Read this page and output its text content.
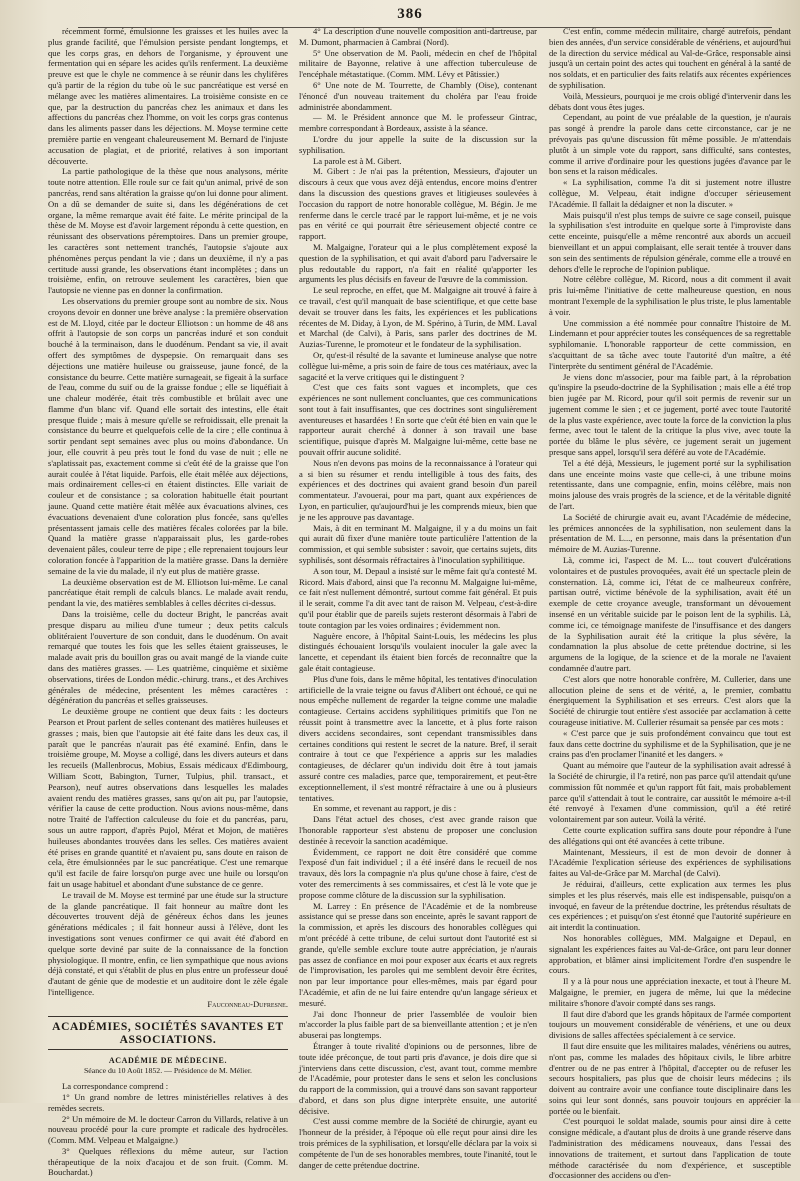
386

récemment formé, émulsionne les graisses et les huiles avec la plus grande facilité, que l'émulsion persiste pendant longtemps, et que les corps gras, en dehors de l'organisme, y éprouvent une fermentation qui en sépare les acides qu'ils renferment. La deuxième preuve est que le chyle ne commence à se réunir dans les chylifères qu'à partir de la région du tube où le suc pancréatique est versé en mélange avec les matières alimentaires. La troisième consiste en ce que, par la destruction du pancréas chez les animaux et dans les affections du pancréas chez l'homme, on voit les corps gras contenus dans les aliments passer dans les déjections. M. Moyse termine cette première partie en vengeant chaleureusement M. Bernard de l'injuste accusation de plagiat, et de priorité, relatives à son important découverte.

La partie pathologique de la thèse que nous analysons, mérite toute notre attention. Elle roule sur ce fait qu'un animal, privé de son pancréas, rend sans altération la graisse qu'on lui donne pour aliment. On a dû se demander de suite si, dans les dégénérations de cet organe, la même remarque avait été faite. Le mérite principal de la thèse de M. Moyse est d'avoir largement répondu à cette question, en réunissant des observations péremptoires. Dans un premier groupe, les caractères sont nettement tranchés, l'autopsie s'ajoute aux phénomènes perçus pendant la vie ; dans un deuxième, il n'y a pas certitude aussi grande, les observations étant incomplètes ; dans un troisième, enfin, on retrouve seulement les caractères, bien que l'autopsie ne vienne pas en donner la confirmation.

Les observations du premier groupe sont au nombre de six. Nous croyons devoir en donner une brève analyse : la première observation est de M. Lloyd, citée par le docteur Elliotson : un homme de 48 ans offrit à l'autopsie de son corps un pancréas induré et son conduit bouché à la terminaison, dans le duodénum. Pendant sa vie, il avait offert des symptômes de dyspepsie. On remarquait dans ses déjections une matière huileuse ou graisseuse, jaune foncé, de la consistance du beurre. Cette matière surnageait, se figeait à la surface de l'eau, comme du suif ou de la graisse fondue ; elle se liquéfiait à une chaleur modérée, était très combustible et brûlait avec une flamme d'un blanc vif. Quand elle sortait des intestins, elle était presque fluide ; mais à mesure qu'elle se refroidissait, elle prenait la consistance du beurre et quelquefois celle de la cire ; elle continua à sortir pendant sept semaines avec plus ou moins d'abondance. Un jour, elle couvrit à peu près tout le fond du vase de nuit ; elle ne s'aplatissait pas, exactement comme si c'eût été de la graisse que l'on aurait coulée à l'état liquide. Parfois, elle était mêlée aux déjections, mais ordinairement celles-ci en étaient distinctes. Elle variait de couleur et de consistance ; sa coloration habituelle était pourtant jaune. Quand cette matière était mêlée aux évacuations alvines, ces évacuations devenaient d'une coloration plus foncée, sans qu'elles présentassent jamais celle des matières fécales colorées par la bile. Quand la matière grasse n'apparaissait plus, les garde-robes devenaient pâles, couleur terre de pipe ; elle reprenaient toujours leur coloration foncée à l'apparition de la matière grasse. Dans la dernière semaine de la vie du malade, il n'y eut plus de matière grasse.

La deuxième observation est de M. Elliotson lui-même. Le canal pancréatique était rempli de calculs blancs. Le malade avait rendu, pendant la vie, des matières semblables à celles décrites ci-dessus.

Dans la troisième, celle du docteur Bright, le pancréas avait presque disparu au milieu d'une tumeur ; deux petits calculs oblitéraient l'ouverture de son conduit, dans le duodénum. On avait remarqué que toutes les fois que les selles étaient graisseuses, le malade avait pris du bouillon gras ou avait mangé de la viande cuite dans des matières grasses. — Les quatrième, cinquième et sixième observations, tirées de London médic.-chirurg. trans., et des Archives générales de médecine, présentent les mêmes caractères : dégénération du pancréas et selles graisseuses.

Le deuxième groupe ne contient que deux faits : les docteurs Pearson et Prout parlent de selles contenant des matières huileuses et grasses ; mais, bien que l'autopsie ait été faite dans les deux cas, il paraît que le pancréas n'aurait pas été examiné. Enfin, dans le troisième groupe, M. Moyse a colligé, dans les divers auteurs et dans les recueils (Mallenbrocus, Mobius, Essais médicaux d'Edimbourg, William Scott, Babington, Turner, Tulpius, phil. transact., et Pearson), neuf autres observations dans lesquelles les malades avaient rendu des matières grasses, sans qu'on ait pu, par l'autopsie, vérifier la cause de cette production. Nous avions nous-même, dans notre Traité de l'affection calculeuse du foie et du pancréas, paru, sous un autre rapport, d'après Pujol, Mérat et Mojon, de matières huileuses abondantes trouvées dans les selles. Ces matières avaient été prises en grande quantité et n'avaient pu, sans doute en raison de cela, être émulsionnées par le suc pancréatique. C'est une remarque qu'il est facile de faire lorsqu'on purge avec une huile ou lorsqu'on fait un usage habituel et abondant d'une substance de ce genre.

Le travail de M. Moyse est terminé par une étude sur la structure de la glande pancréatique. Il fait honneur au maître dont les découvertes trouvent déjà de généreux échos dans les jeunes générations médicales ; il fait honneur aussi à l'élève, dont les investigations sont venues confirmer ce qui avait été d'abord en quelque sorte deviné par suite de la connaissance de la fonction physiologique. Il montre, enfin, ce lien sympathique que nous avions déjà constaté, et qui s'établit de plus en plus entre un professeur doué d'autant de génie que de modestie et un auditoire dont le zèle égale l'intelligence.

Fauconneau-Dufresne.
ACADÉMIES, SOCIÉTÉS SAVANTES ET ASSOCIATIONS.
ACADÉMIE DE MÉDECINE.
Séance du 10 Août 1852. — Présidence de M. Mélier.

La correspondance comprend :

1° Un grand nombre de lettres ministérielles relatives à des remèdes secrets.

2° Un mémoire de M. le docteur Carron du Villards, relative à un nouveau procédé pour la cure prompte et radicale des hydrocèles. (Comm. MM. Velpeau et Malgaigne.)

3° Quelques réflexions du même auteur, sur l'action thérapeutique de la noix d'acajou et de son fruit. (Comm. M. Bouchardat.)

4° La description d'une nouvelle composition anti-dartreuse, par M. Dumont, pharmacien à Cambrai (Nord).

5° Une observation de M. Paoli, médecin en chef de l'hôpital militaire de Bayonne, relative à une affection tuberculeuse de l'encéphale métastatique. (Comm. MM. Lévy et Pâtissier.)

6° Une note de M. Tourrette, de Chambly (Oise), contenant l'énoncé d'un nouveau traitement du choléra par l'eau froide administrée abondamment.

— M. le Président annonce que M. le professeur Gintrac, membre correspondant à Bordeaux, assiste à la séance.

L'ordre du jour appelle la suite de la discussion sur la syphilisation.

La parole est à M. Gibert.

M. Gibert : Je n'ai pas la prétention, Messieurs, d'ajouter un discours à ceux que vous avez déjà entendus, encore moins d'entrer dans la discussion des questions graves et litigieuses soulevées à l'occasion du rapport de notre honorable collègue, M. Bégin. Je me renferme dans le cercle tracé par le rapport lui-même, et je ne vois pas en vérité ce qui pourrait être sérieusement objecté contre ce rapport.

M. Malgaigne, l'orateur qui a le plus complètement exposé la question de la syphilisation, et qui avait d'abord paru l'adversaire le plus redoutable du rapport, n'a fait en réalité qu'apporter les arguments les plus décisifs en faveur de l'œuvre de la commission.

Le seul reproche, en effet, que M. Malgaigne ait trouvé à faire à ce travail, c'est qu'il manquait de base scientifique, et que cette base devait se trouver dans les faits, les expériences et les publications récentes de M. Diday, à Lyon, de M. Spérino, à Turin, de MM. Laval et Marchal (de Calvi), à Paris, sans parler des doctrines de M. Auzias-Turenne, le promoteur et le fondateur de la syphilisation.

Or, qu'est-il résulté de la savante et lumineuse analyse que notre collègue lui-même, a pris soin de faire de tous ces matériaux, avec la sagacité et la verve critiques qui le distinguent ?

C'est que ces faits sont vagues et incomplets, que ces expériences ne sont nullement concluantes, que ces communications sont tout à fait insuffisantes, que ces doctrines sont singulièrement aventureuses et hasardées ! En sorte que c'eût été bien en vain que le rapporteur aurait cherché à donner à son travail une base scientifique, puisque d'après M. Malgaigne lui-même, cette base ne pouvait offrir aucune solidité.

Nous n'en devons pas moins de la reconnaissance à l'orateur qui a si bien su résumer et rendu intelligible à tous des faits, des expériences et des doctrines qui avaient grand besoin d'un pareil commentateur. J'avouerai, pour ma part, quant aux expériences de Lyon, en particulier, qu'aujourd'hui je les comprends mieux, bien que je ne les approuve pas davantage.

Mais, à dit en terminant M. Malgaigne, il y a du moins un fait qui aurait dû fixer d'une manière toute particulière l'attention de la commission, et qui semble subsister : savoir, que certains sujets, dits syphilisés, sont désormais réfractaires à l'inoculation syphilitique.

A son tour, M. Depaul a insisté sur le même fait qu'a contesté M. Ricord. Mais d'abord, ainsi que l'a reconnu M. Malgaigne lui-même, ce fait n'est nullement démontré, surtout comme fait général. Et puis il le serait, comme l'a dit avec tant de raison M. Velpeau, c'est-à-dire qu'il pour établir que de pareils sujets resteront désormais à l'abri de toute contagion par les voies ordinaires ; évidemment non.

Naguère encore, à l'hôpital Saint-Louis, les médecins les plus distingués échouaient lorsqu'ils voulaient inoculer la gale avec la lancette, et cependant ils étaient bien forcés de reconnaître que la gale était contagieuse.

Plus d'une fois, dans le même hôpital, les tentatives d'inoculation artificielle de la vraie teigne ou favus d'Alibert ont échoué, ce qui ne nous empêche nullement de regarder la teigne comme une maladie contagieuse. Certains accidens syphilitiques primitifs que l'on ne réussit point à transmettre avec la lancette, et à plus forte raison divers accidens secondaires, sont cependant transmissibles dans certaines conditions qui restent le secret de la nature. Bref, il serait contraire à tout ce que l'expérience a appris sur les maladies contagieuses, de déclarer qu'un individu doit être à tout jamais assuré contre ces maladies, parce que, temporairement, et peut-être exceptionnellement, il s'est montré réfractaire à une ou à plusieurs tentatives.

En somme, et revenant au rapport, je dis :

Dans l'état actuel des choses, c'est avec grande raison que l'honorable rapporteur s'est abstenu de proposer une conclusion destinée à recevoir la sanction académique.

Évidemment, ce rapport ne doit être considéré que comme l'exposé d'un fait individuel ; il a été inséré dans le recueil de nos travaux, dès lors la compagnie n'a plus qu'une chose à faire, c'est de voter des remerciments à ses commissaires, et c'est là le vote que je propose comme clôture de la discussion sur la syphilisation.

M. Larrey : En présence de l'Académie et de la nombreuse assistance qui se presse dans son enceinte, après le savant rapport de la commission, et après les discours des honorables collègues qui m'ont précédé à cette tribune, de celui surtout dont l'autorité est si grande, qu'elle semble exclure toute autre appréciation, je n'aurais pas assez de confiance en moi pour exposer aux écarts et aux regrets de l'improvisation, les paroles qui me semblent devoir être écrites, non par leur importance pour elles-mêmes, mais par égard pour l'Académie, et afin de ne lui faire entendre qu'un langage sérieux et mesuré.

J'ai donc l'honneur de prier l'assemblée de vouloir bien m'accorder la plus faible part de sa bienveillante attention ; et je n'en abuserai pas longtemps.

Étranger à toute rivalité d'opinions ou de personnes, libre de toute idée préconçue, de tout parti pris d'avance, je dois dire que si j'interviens dans cette discussion, c'est, avant tout, comme membre de l'Académie, pour protester dans le sens et selon les conclusions du rapport de la commission, qui a trouvé dans son savant rapporteur d'abord, et dans son plus digne interprète ensuite, une autorité décisive.

C'est aussi comme membre de la Société de chirurgie, ayant eu l'honneur de la présider, à l'époque où elle reçut pour ainsi dire les trois prémices de la syphilisation, et lorsqu'elle déclara par la voix si compétente de l'un de ses honorables membres, toute l'inanité, tout le danger de cette prétendue doctrine.

C'est enfin, comme médecin militaire, chargé autrefois, pendant bien des années, d'un service considérable de vénériens, et aujourd'hui de la direction du service médical au Val-de-Grâce, responsable ainsi jusqu'à un certain point des actes qui touchent en général à la santé de nos soldats, et en particulier des faits relatifs aux récentes expériences de syphilisation.

Voilà, Messieurs, pourquoi je me crois obligé d'intervenir dans les débats dont vous êtes juges.

Cependant, au point de vue préalable de la question, je n'aurais pas songé à prendre la parole dans cette circonstance, car je ne prévoyais pas qu'une discussion fût même possible. Je m'attendais plutôt à un simple vote du rapport, sans difficulté, sans contestes, comme il arrive d'ordinaire pour les questions jugées d'avance par le bon sens et la raison médicales.

« La syphilisation, comme l'a dit si justement notre illustre collègue, M. Velpeau, était indigne d'occuper sérieusement l'Académie. Il fallait la dédaigner et non la discuter. »

Mais puisqu'il n'est plus temps de suivre ce sage conseil, puisque la syphilisation s'est introduite en quelque sorte à l'improviste dans cette enceinte, puisqu'elle a même rencontré aux abords un accueil bienveillant et un appui complaisant, elle serait tentée à trouver dans son sein des sentiments de répulsion générale, comme elle a trouvé en dehors d'elle le reproche de l'opinion publique.

Notre célèbre collègue, M. Ricord, nous a dit comment il avait pris lui-même l'initiative de cette malheureuse question, en nous montrant l'exemple de la syphilisation le plus triste, le plus lamentable à voir.

Une commission a été nommée pour connaître l'histoire de M. Lindemann et pour apprécier toutes les conséquences de sa regrettable syphilomanie. L'honorable rapporteur de cette commission, en s'acquittant de sa tâche avec toute l'autorité d'un maître, a été l'interprète du sentiment général de l'Académie.

Je viens donc m'associer, pour ma faible part, à la réprobation qu'inspire la pseudo-doctrine de la Syphilisation ; mais elle a été trop bien jugée par M. Ricord, pour qu'il soit permis de revenir sur un jugement comme le sien ; et ce jugement, porté avec toute l'autorité de la plus vaste expérience, avec toute la force de la conviction la plus ferme, avec tout le talent de la critique la plus vive, avec toute la portée du blâme le plus sévère, ce jugement serait un jugement presque sans appel, lorsqu'il sera déféré au vote de l'Académie.

Tel a été déjà, Messieurs, le jugement porté sur la syphilisation dans une enceinte moins vaste que celle-ci, à une tribune moins retentissante, dans une compagnie, enfin, moins célèbre, mais non moins jalouse des vrais progrès de la science, et de la véritable dignité de l'art.

La Société de chirurgie avait eu, avant l'Académie de médecine, les prémices annoncées de la syphilisation, non seulement dans la présentation de M. L..., en personne, mais dans la présentation d'un mémoire de M. Auzias-Turenne.

Là, comme ici, l'aspect de M. L... tout couvert d'ulcérations volontaires et de pustules provoquées, avait été un spectacle plein de consternation. Là, comme ici, l'état de ce malheureux confrère, partisan outré, victime bénévole de la syphilisation, avait été un exemple de cette croyance aveugle, transformant un dévouement insensé en un véritable suicide par le poison lent de la syphilis. Là, comme ici, ce témoignage manifeste de l'insuffisance et des dangers de la Syphilisation aurait été la critique la plus sévère, la condamnation la plus absolue de cette prétendue doctrine, si les argumens de la logique, de la science et de la morale ne l'avaient condamnée d'autre part.

C'est alors que notre honorable confrère, M. Cullerier, dans une allocution pleine de sens et de vérité, a, le premier, combattu énergiquement la Syphilisation et ses erreurs. C'est alors que la Société de chirurgie tout entière s'est associée par acclamation à cette courageuse initiative. M. Cullerier résumait sa pensée par ces mots :

« C'est parce que je suis profondément convaincu que tout est faux dans cette doctrine du syphilisme et de la Syphilisation, que je ne crains pas d'en proclamer l'inanité et les dangers. »

Quant au mémoire que l'auteur de la syphilisation avait adressé à la Société de chirurgie, il l'a retiré, non pas parce qu'il attendait qu'une commission fût nommée et qu'un rapport fût fait, mais probablement parce qu'il s'attendait à tout le contraire, car aussitôt le mémoire a-t-il été renvoyé à l'examen d'une commission, qu'il a été retiré volontairement par son auteur. Voilà la vérité.

Cette courte explication suffira sans doute pour répondre à l'une des allégations qui ont été avancées à cette tribune.

Maintenant, Messieurs, il est de mon devoir de donner à l'Académie l'explication sérieuse des expériences de syphilisations faites au Val-de-Grâce par M. Marchal (de Calvi).

Je réduirai, d'ailleurs, cette explication aux termes les plus simples et les plus réservés, mais elle est indispensable, puisqu'on a invoqué, en faveur de la prétendue doctrine, les prétendus résultats de ces expériences ; et puisqu'on s'est étonné que l'autorité supérieure en ait interdit la continuation.

Nos honorables collègues, MM. Malgaigne et Depaul, en signalant les expériences faites au Val-de-Grâce, ont paru leur donner approbation, et blâmer ainsi implicitement l'ordre d'en suspendre le cours.

Il y a là pour nous une appréciation inexacte, et tout à l'heure M. Malgaigne, le premier, en jugera de même, lui que la médecine militaire s'honore d'avoir compté dans ses rangs.

Il faut dire d'abord que les grands hôpitaux de l'armée comportent toujours un mouvement considérable de vénériens, et une ou deux divisions de salles affectées spécialement à ce service.

Il faut dire ensuite que les militaires malades, vénériens ou autres, n'ont pas, comme les malades des hôpitaux civils, le libre arbitre d'entrer ou de ne pas entrer à l'hôpital, d'accepter ou de refuser les secours hospitaliers, pas plus que de choisir leurs médecins ; ils doivent au contraire avoir une confiance toute disciplinaire dans les soins qui leur sont donnés, sans pouvoir toujours en apprécier la portée ou le bienfait.

C'est pourquoi le soldat malade, soumis pour ainsi dire à cette consigne médicale, a d'autant plus de droits à une grande réserve dans l'administration des médicamens nouveaux, dans l'essai des innovations de traitement, et surtout dans l'application de toute méthode caractérisée du nom d'expérience, et susceptible d'occasionner des accidens ou d'en-
